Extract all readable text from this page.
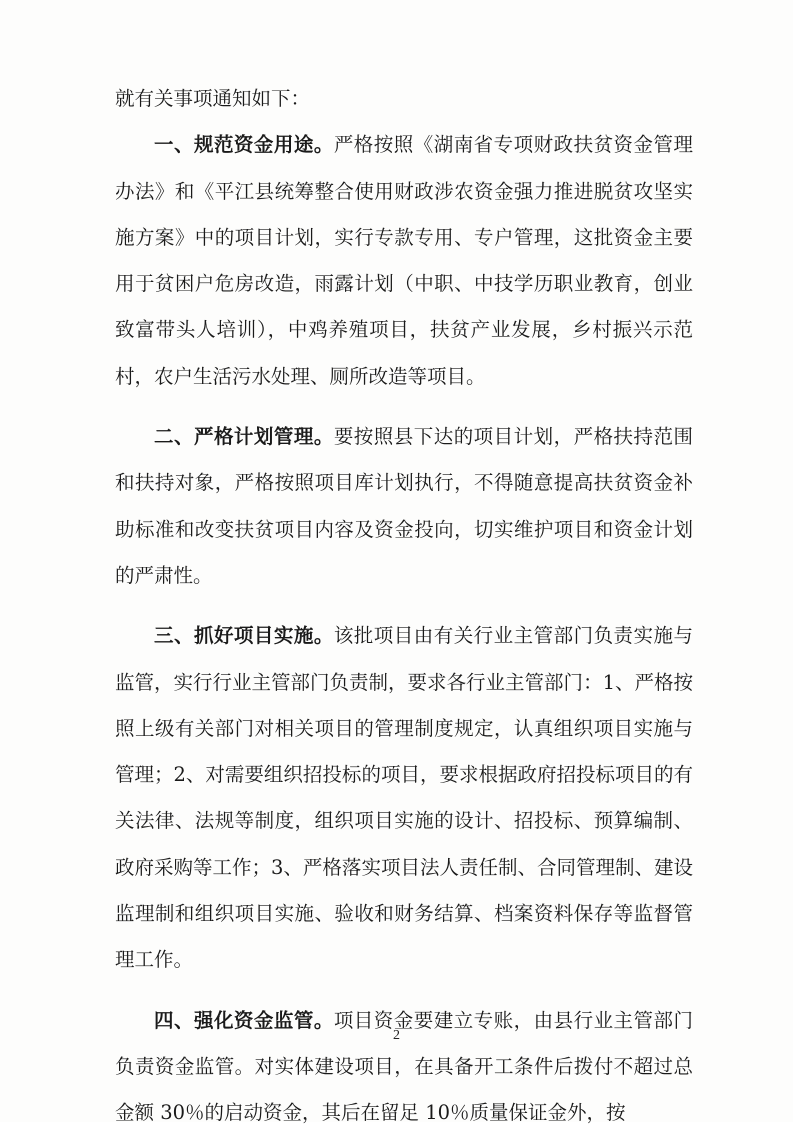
就有关事项通知如下：

一、规范资金用途。严格按照《湖南省专项财政扶贫资金管理办法》和《平江县统筹整合使用财政涉农资金强力推进脱贫攻坚实施方案》中的项目计划，实行专款专用、专户管理，这批资金主要用于贫困户危房改造，雨露计划（中职、中技学历职业教育，创业致富带头人培训），中鸡养殖项目，扶贫产业发展，乡村振兴示范村，农户生活污水处理、厕所改造等项目。

二、严格计划管理。要按照县下达的项目计划，严格扶持范围和扶持对象，严格按照项目库计划执行，不得随意提高扶贫资金补助标准和改变扶贫项目内容及资金投向，切实维护项目和资金计划的严肃性。

三、抓好项目实施。该批项目由有关行业主管部门负责实施与监管，实行行业主管部门负责制，要求各行业主管部门：1、严格按照上级有关部门对相关项目的管理制度规定，认真组织项目实施与管理；2、对需要组织招投标的项目，要求根据政府招投标项目的有关法律、法规等制度，组织项目实施的设计、招投标、预算编制、政府采购等工作；3、严格落实项目法人责任制、合同管理制、建设监理制和组织项目实施、验收和财务结算、档案资料保存等监督管理工作。

四、强化资金监管。项目资金要建立专账，由县行业主管部门负责资金监管。对实体建设项目，在具备开工条件后拨付不超过总金额 30％的启动资金，其后在留足 10％质量保证金外，按

2
